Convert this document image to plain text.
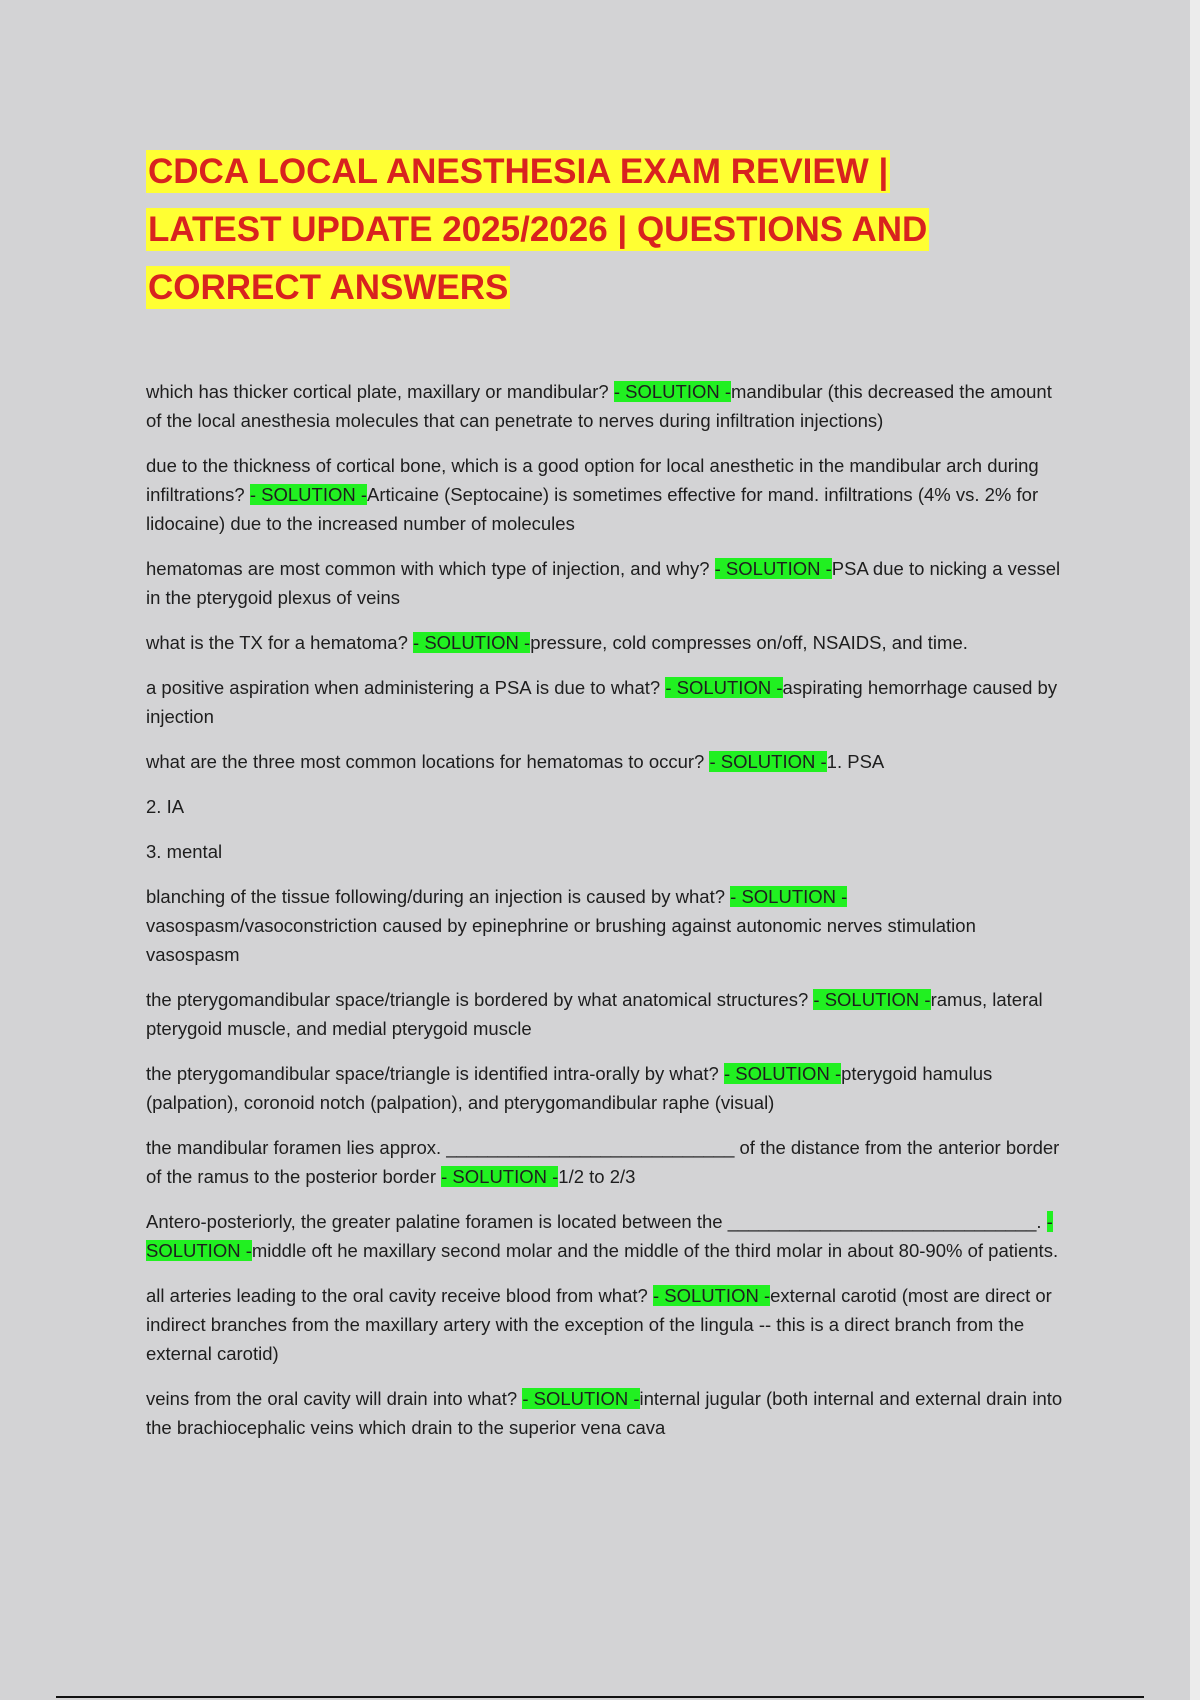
CDCA LOCAL ANESTHESIA EXAM REVIEW |
LATEST UPDATE 2025/2026 | QUESTIONS AND
CORRECT ANSWERS

which has thicker cortical plate, maxillary or mandibular? - SOLUTION -mandibular (this decreased the amount of the local anesthesia molecules that can penetrate to nerves during infiltration injections)

due to the thickness of cortical bone, which is a good option for local anesthetic in the mandibular arch during infiltrations? - SOLUTION -Articaine (Septocaine) is sometimes effective for mand. infiltrations (4% vs. 2% for lidocaine) due to the increased number of molecules

hematomas are most common with which type of injection, and why? - SOLUTION -PSA due to nicking a vessel in the pterygoid plexus of veins

what is the TX for a hematoma? - SOLUTION -pressure, cold compresses on/off, NSAIDS, and time.

a positive aspiration when administering a PSA is due to what? - SOLUTION -aspirating hemorrhage caused by injection

what are the three most common locations for hematomas to occur? - SOLUTION -1. PSA

2. IA

3. mental

blanching of the tissue following/during an injection is caused by what? - SOLUTION -vasospasm/vasoconstriction caused by epinephrine or brushing against autonomic nerves stimulation vasospasm

the pterygomandibular space/triangle is bordered by what anatomical structures? - SOLUTION -ramus, lateral pterygoid muscle, and medial pterygoid muscle

the pterygomandibular space/triangle is identified intra-orally by what? - SOLUTION -pterygoid hamulus (palpation), coronoid notch (palpation), and pterygomandibular raphe (visual)

the mandibular foramen lies approx. ____________________________ of the distance from the anterior border of the ramus to the posterior border - SOLUTION -1/2 to 2/3

Antero-posteriorly, the greater palatine foramen is located between the ______________________________. - SOLUTION -middle oft he maxillary second molar and the middle of the third molar in about 80-90% of patients.

all arteries leading to the oral cavity receive blood from what? - SOLUTION -external carotid (most are direct or indirect branches from the maxillary artery with the exception of the lingula -- this is a direct branch from the external carotid)

veins from the oral cavity will drain into what? - SOLUTION -internal jugular (both internal and external drain into the brachiocephalic veins which drain to the superior vena cava
